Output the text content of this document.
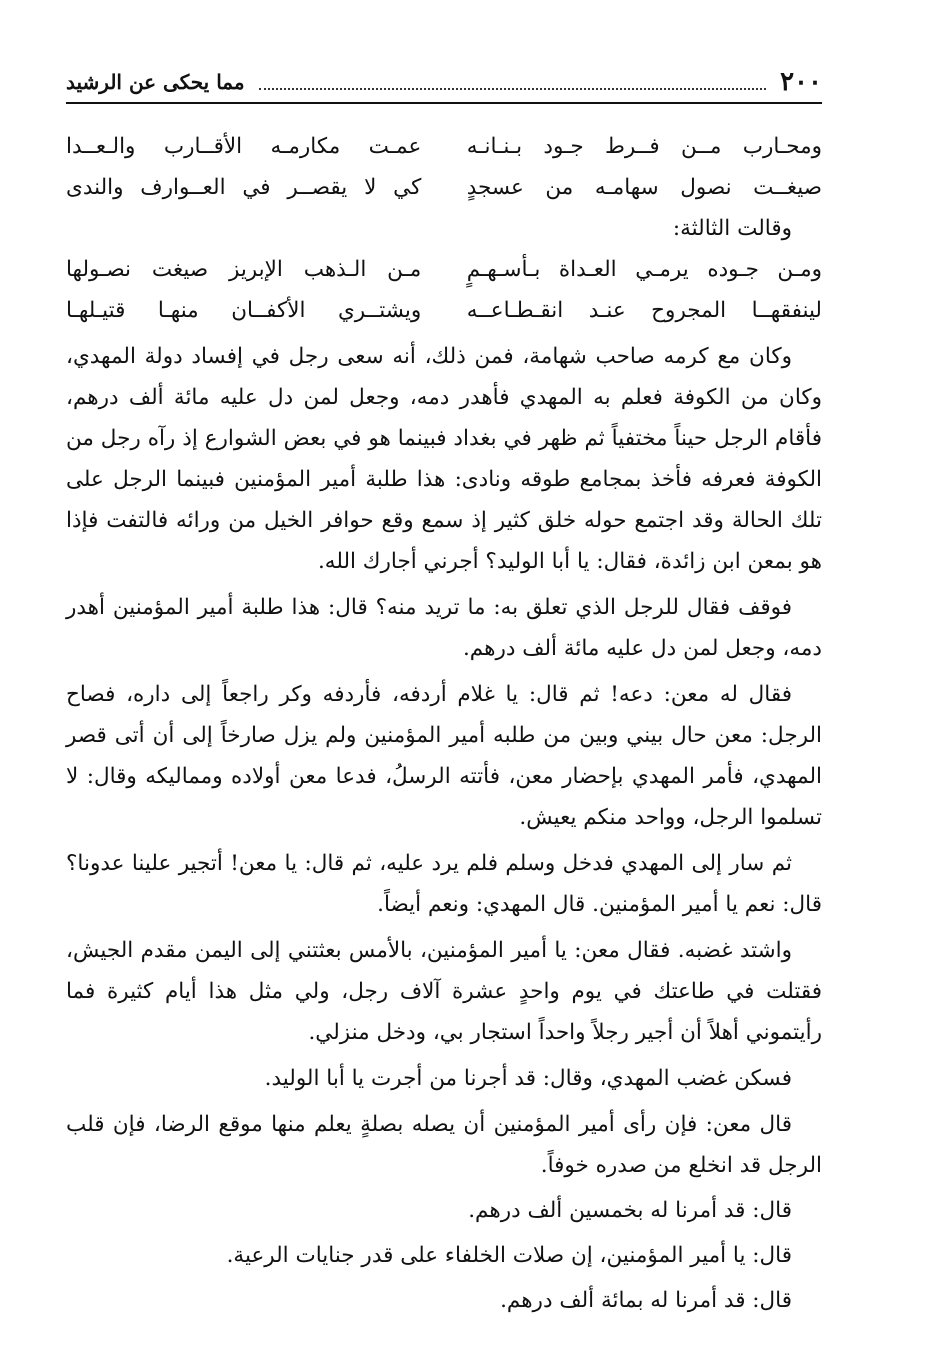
٢٠٠
مما يحكى عن الرشيد
ومحـارب مــن فــرط جـود بـنـانـه
عمـت مكارمـه الأقــارب والـعــدا
صيغــت نصول سهامـه من عسجدٍ
كي لا يقصــر في العــوارف والندى
وقالت الثالثة:
ومـن جـوده يرمـي العـداة بـأسـهـمٍ
مـن الـذهب الإبريز صيغت نصـولها
لينفقهــا المجروح عنـد انقـطـاعــه
ويشتــري الأكفــان منهـا قتيـلهـا

وكان مع كرمه صاحب شهامة، فمن ذلك، أنه سعى رجل في إفساد دولة المهدي، وكان من الكوفة فعلم به المهدي فأهدر دمه، وجعل لمن دل عليه مائة ألف درهم، فأقام الرجل حيناً مختفياً ثم ظهر في بغداد فبينما هو في بعض الشوارع إذ رآه رجل من الكوفة فعرفه فأخذ بمجامع طوقه ونادى: هذا طلبة أمير المؤمنين فبينما الرجل على تلك الحالة وقد اجتمع حوله خلق كثير إذ سمع وقع حوافر الخيل من ورائه فالتفت فإذا هو بمعن ابن زائدة، فقال: يا أبا الوليد؟ أجرني أجارك الله.

فوقف فقال للرجل الذي تعلق به: ما تريد منه؟ قال: هذا طلبة أمير المؤمنين أهدر دمه، وجعل لمن دل عليه مائة ألف درهم.

فقال له معن: دعه! ثم قال: يا غلام أردفه، فأردفه وكر راجعاً إلى داره، فصاح الرجل: معن حال بيني وبين من طلبه أمير المؤمنين ولم يزل صارخاً إلى أن أتى قصر المهدي، فأمر المهدي بإحضار معن، فأتته الرسلُ، فدعا معن أولاده ومماليكه وقال: لا تسلموا الرجل، وواحد منكم يعيش.

ثم سار إلى المهدي فدخل وسلم فلم يرد عليه، ثم قال: يا معن! أتجير علينا عدونا؟ قال: نعم يا أمير المؤمنين. قال المهدي: ونعم أيضاً.

واشتد غضبه. فقال معن: يا أمير المؤمنين، بالأمس بعثتني إلى اليمن مقدم الجيش، فقتلت في طاعتك في يوم واحدٍ عشرة آلاف رجل، ولي مثل هذا أيام كثيرة فما رأيتموني أهلاً أن أجير رجلاً واحداً استجار بي، ودخل منزلي.

فسكن غضب المهدي، وقال: قد أجرنا من أجرت يا أبا الوليد.

قال معن: فإن رأى أمير المؤمنين أن يصله بصلةٍ يعلم منها موقع الرضا، فإن قلب الرجل قد انخلع من صدره خوفاً.

قال: قد أمرنا له بخمسين ألف درهم.

قال: يا أمير المؤمنين، إن صلات الخلفاء على قدر جنايات الرعية.

قال: قد أمرنا له بمائة ألف درهم.
